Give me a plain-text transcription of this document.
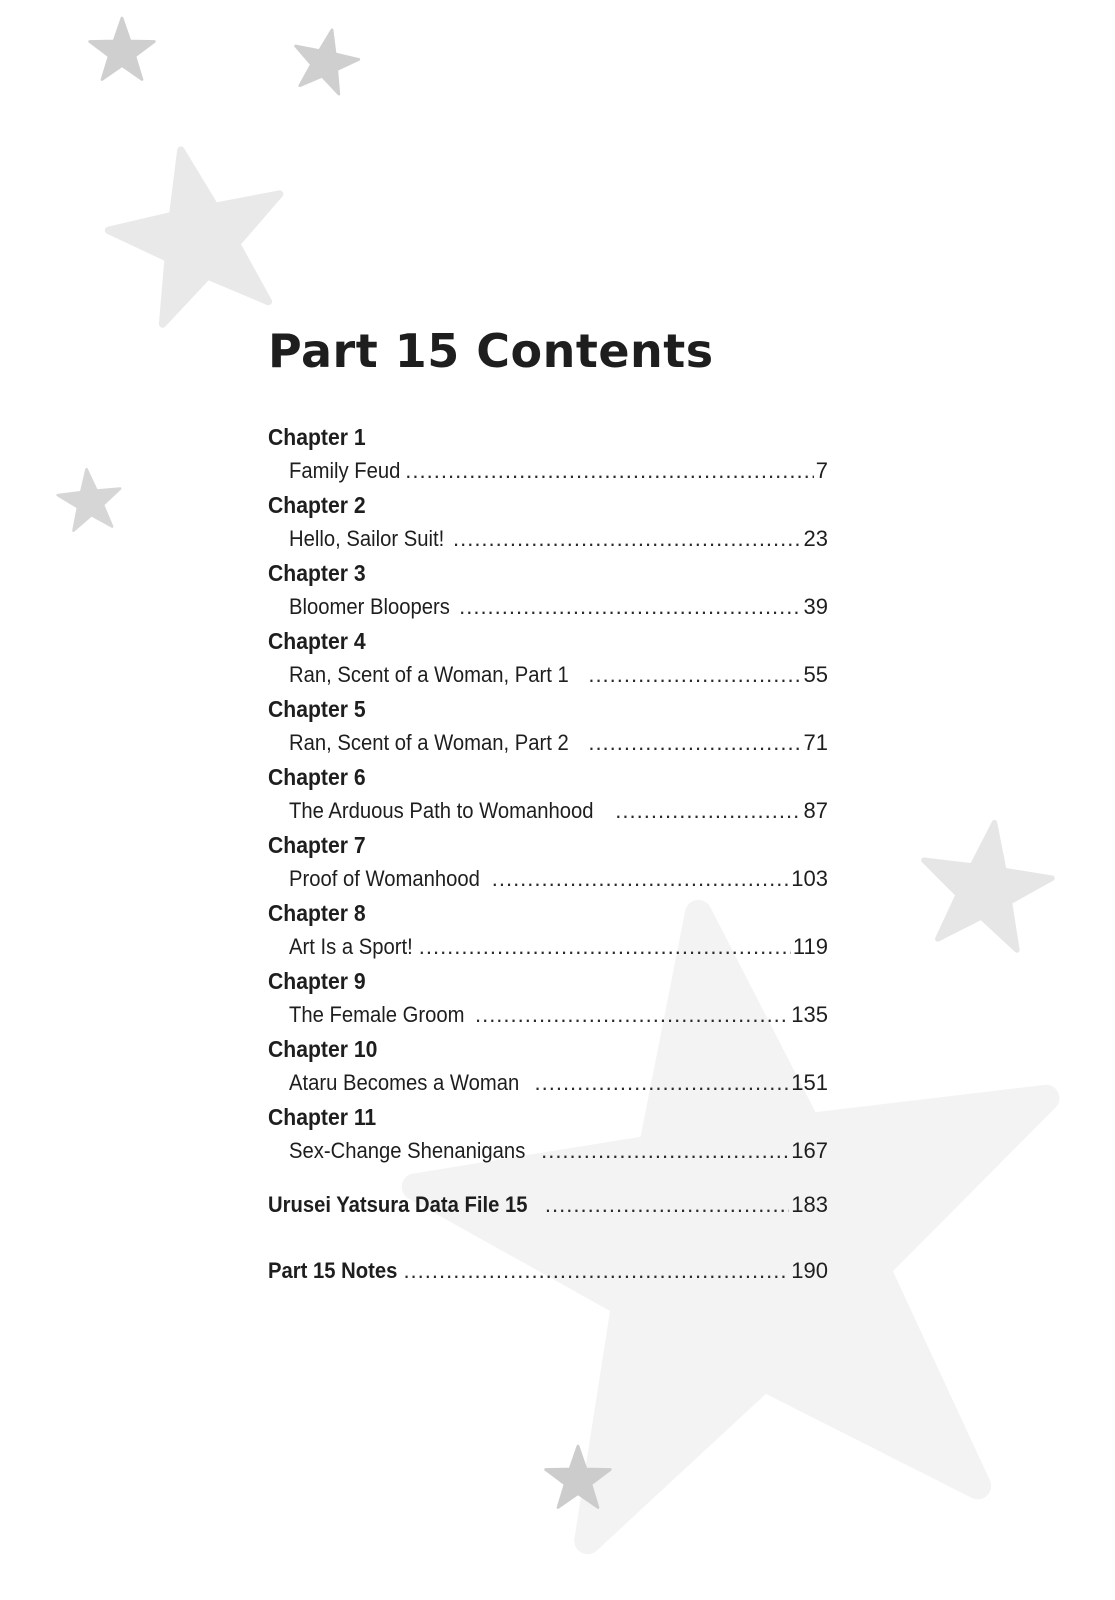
Part 15 Contents
Chapter 1
Family Feud .....	7
Chapter 2
Hello, Sailor Suit! .....	23
Chapter 3
Bloomer Bloopers .....	39
Chapter 4
Ran, Scent of a Woman, Part 1 .....	55
Chapter 5
Ran, Scent of a Woman, Part 2 .....	71
Chapter 6
The Arduous Path to Womanhood .....	87
Chapter 7
Proof of Womanhood .....	103
Chapter 8
Art Is a Sport! .....	119
Chapter 9
The Female Groom .....	135
Chapter 10
Ataru Becomes a Woman .....	151
Chapter 11
Sex-Change Shenanigans .....	167
Urusei Yatsura Data File 15 .....	183
Part 15 Notes .....	190
